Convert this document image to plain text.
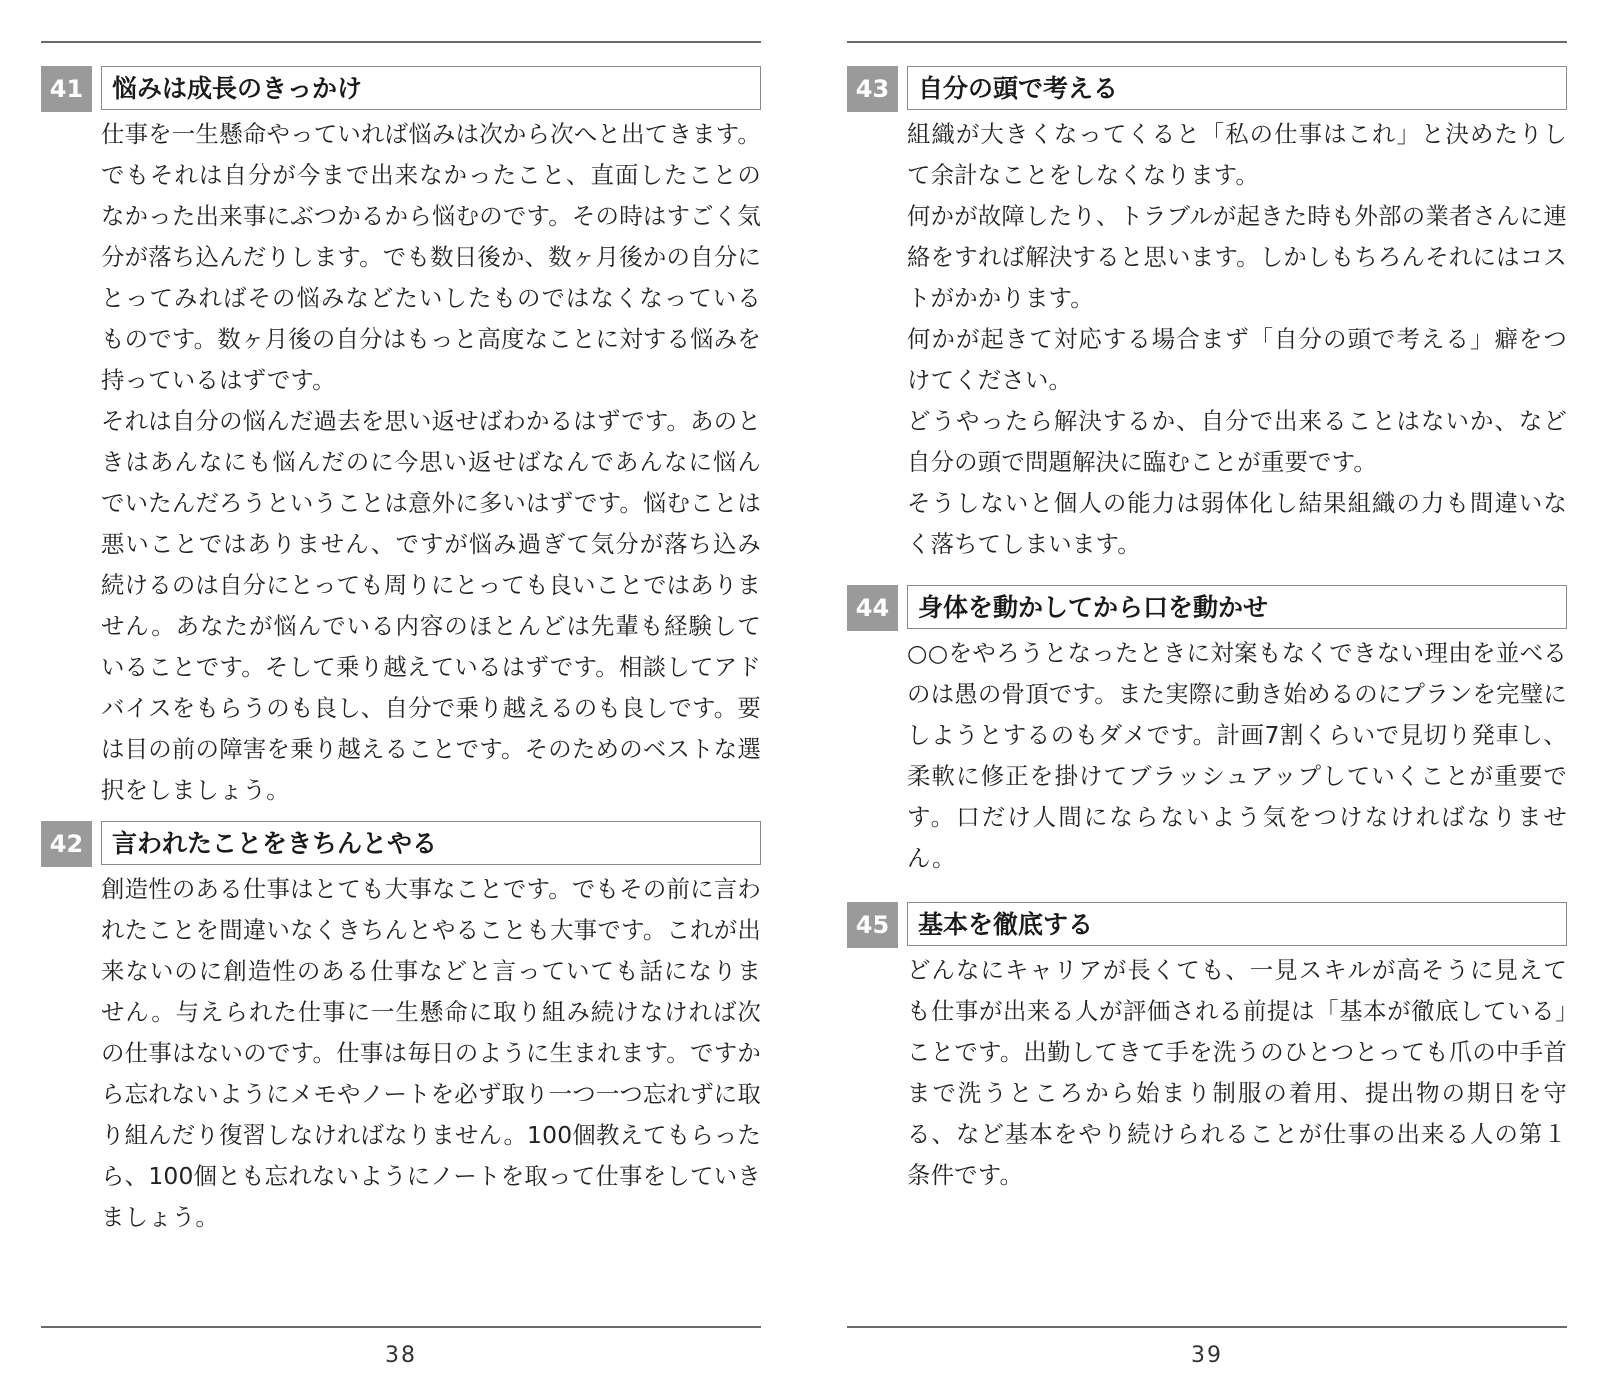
41	悩みは成長のきっかけ

仕事を一生懸命やっていれば悩みは次から次へと出てきます。でもそれは自分が今まで出来なかったこと、直面したことのなかった出来事にぶつかるから悩むのです。その時はすごく気分が落ち込んだりします。でも数日後か、数ヶ月後かの自分にとってみればその悩みなどたいしたものではなくなっているものです。数ヶ月後の自分はもっと高度なことに対する悩みを持っているはずです。

それは自分の悩んだ過去を思い返せばわかるはずです。あのときはあんなにも悩んだのに今思い返せばなんであんなに悩んでいたんだろうということは意外に多いはずです。悩むことは悪いことではありません、ですが悩み過ぎて気分が落ち込み続けるのは自分にとっても周りにとっても良いことではありません。あなたが悩んでいる内容のほとんどは先輩も経験していることです。そして乗り越えているはずです。相談してアドバイスをもらうのも良し、自分で乗り越えるのも良しです。要は目の前の障害を乗り越えることです。そのためのベストな選択をしましょう。

42	言われたことをきちんとやる

創造性のある仕事はとても大事なことです。でもその前に言われたことを間違いなくきちんとやることも大事です。これが出来ないのに創造性のある仕事などと言っていても話になりません。与えられた仕事に一生懸命に取り組み続けなければ次の仕事はないのです。仕事は毎日のように生まれます。ですから忘れないようにメモやノートを必ず取り一つ一つ忘れずに取り組んだり復習しなければなりません。100個教えてもらったら、100個とも忘れないようにノートを取って仕事をしていきましょう。

38
43	自分の頭で考える

組織が大きくなってくると「私の仕事はこれ」と決めたりして余計なことをしなくなります。

何かが故障したり、トラブルが起きた時も外部の業者さんに連絡をすれば解決すると思います。しかしもちろんそれにはコストがかかります。

何かが起きて対応する場合まず「自分の頭で考える」癖をつけてください。

どうやったら解決するか、自分で出来ることはないか、など自分の頭で問題解決に臨むことが重要です。

そうしないと個人の能力は弱体化し結果組織の力も間違いなく落ちてしまいます。

44	身体を動かしてから口を動かせ

○○をやろうとなったときに対案もなくできない理由を並べるのは愚の骨頂です。また実際に動き始めるのにプランを完璧にしようとするのもダメです。計画7割くらいで見切り発車し、柔軟に修正を掛けてブラッシュアップしていくことが重要です。口だけ人間にならないよう気をつけなければなりません。

45	基本を徹底する

どんなにキャリアが長くても、一見スキルが高そうに見えても仕事が出来る人が評価される前提は「基本が徹底している」ことです。出勤してきて手を洗うのひとつとっても爪の中手首まで洗うところから始まり制服の着用、提出物の期日を守る、など基本をやり続けられることが仕事の出来る人の第１条件です。

39
